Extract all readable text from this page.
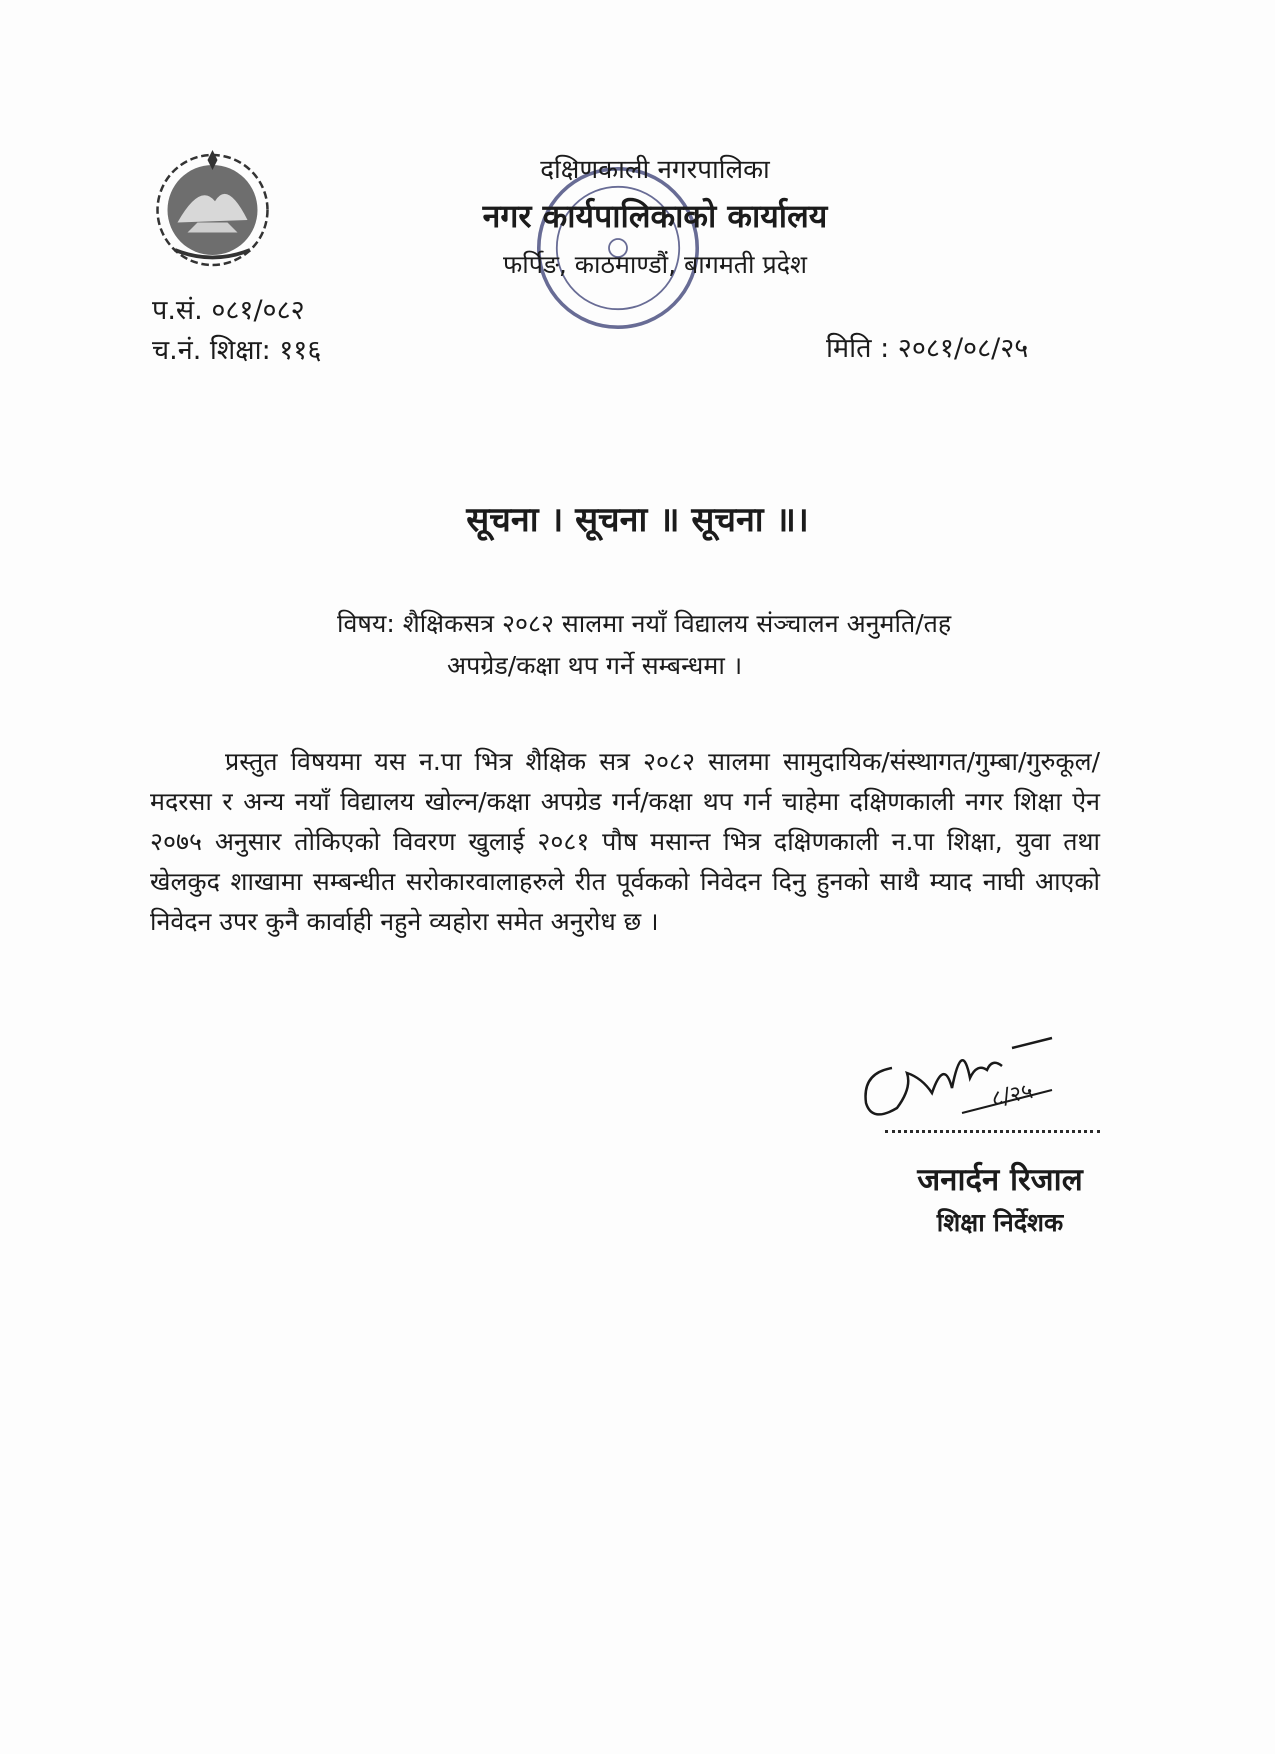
दक्षिणकाली नगरपालिका
नगर कार्यपालिकाको कार्यालय
फर्पिङ, काठमाण्डौं, बागमती प्रदेश
प.सं. ०८१/०८२
च.नं. शिक्षा: ११६	मिति : २०८१/०८/२५
सूचना । सूचना ॥ सूचना ॥।
विषय: शैक्षिकसत्र २०८२ सालमा नयाँ विद्यालय संञ्चालन अनुमति/तह
अपग्रेड/कक्षा थप गर्ने सम्बन्धमा ।
प्रस्तुत विषयमा यस न.पा भित्र शैक्षिक सत्र २०८२ सालमा सामुदायिक/संस्थागत/गुम्बा/गुरुकूल/मदरसा र अन्य नयाँ विद्यालय खोल्न/कक्षा अपग्रेड गर्न/कक्षा थप गर्न चाहेमा दक्षिणकाली नगर शिक्षा ऐन २०७५ अनुसार तोकिएको विवरण खुलाई २०८१ पौष मसान्त भित्र दक्षिणकाली न.पा शिक्षा, युवा तथा खेलकुद शाखामा सम्बन्धीत सरोकारवालाहरुले रीत पूर्वकको निवेदन दिनु हुनको साथै म्याद नाघी आएको निवेदन उपर कुनै कार्वाही नहुने व्यहोरा समेत अनुरोध छ ।
८/२५
जनार्दन रिजाल
शिक्षा निर्देशक
